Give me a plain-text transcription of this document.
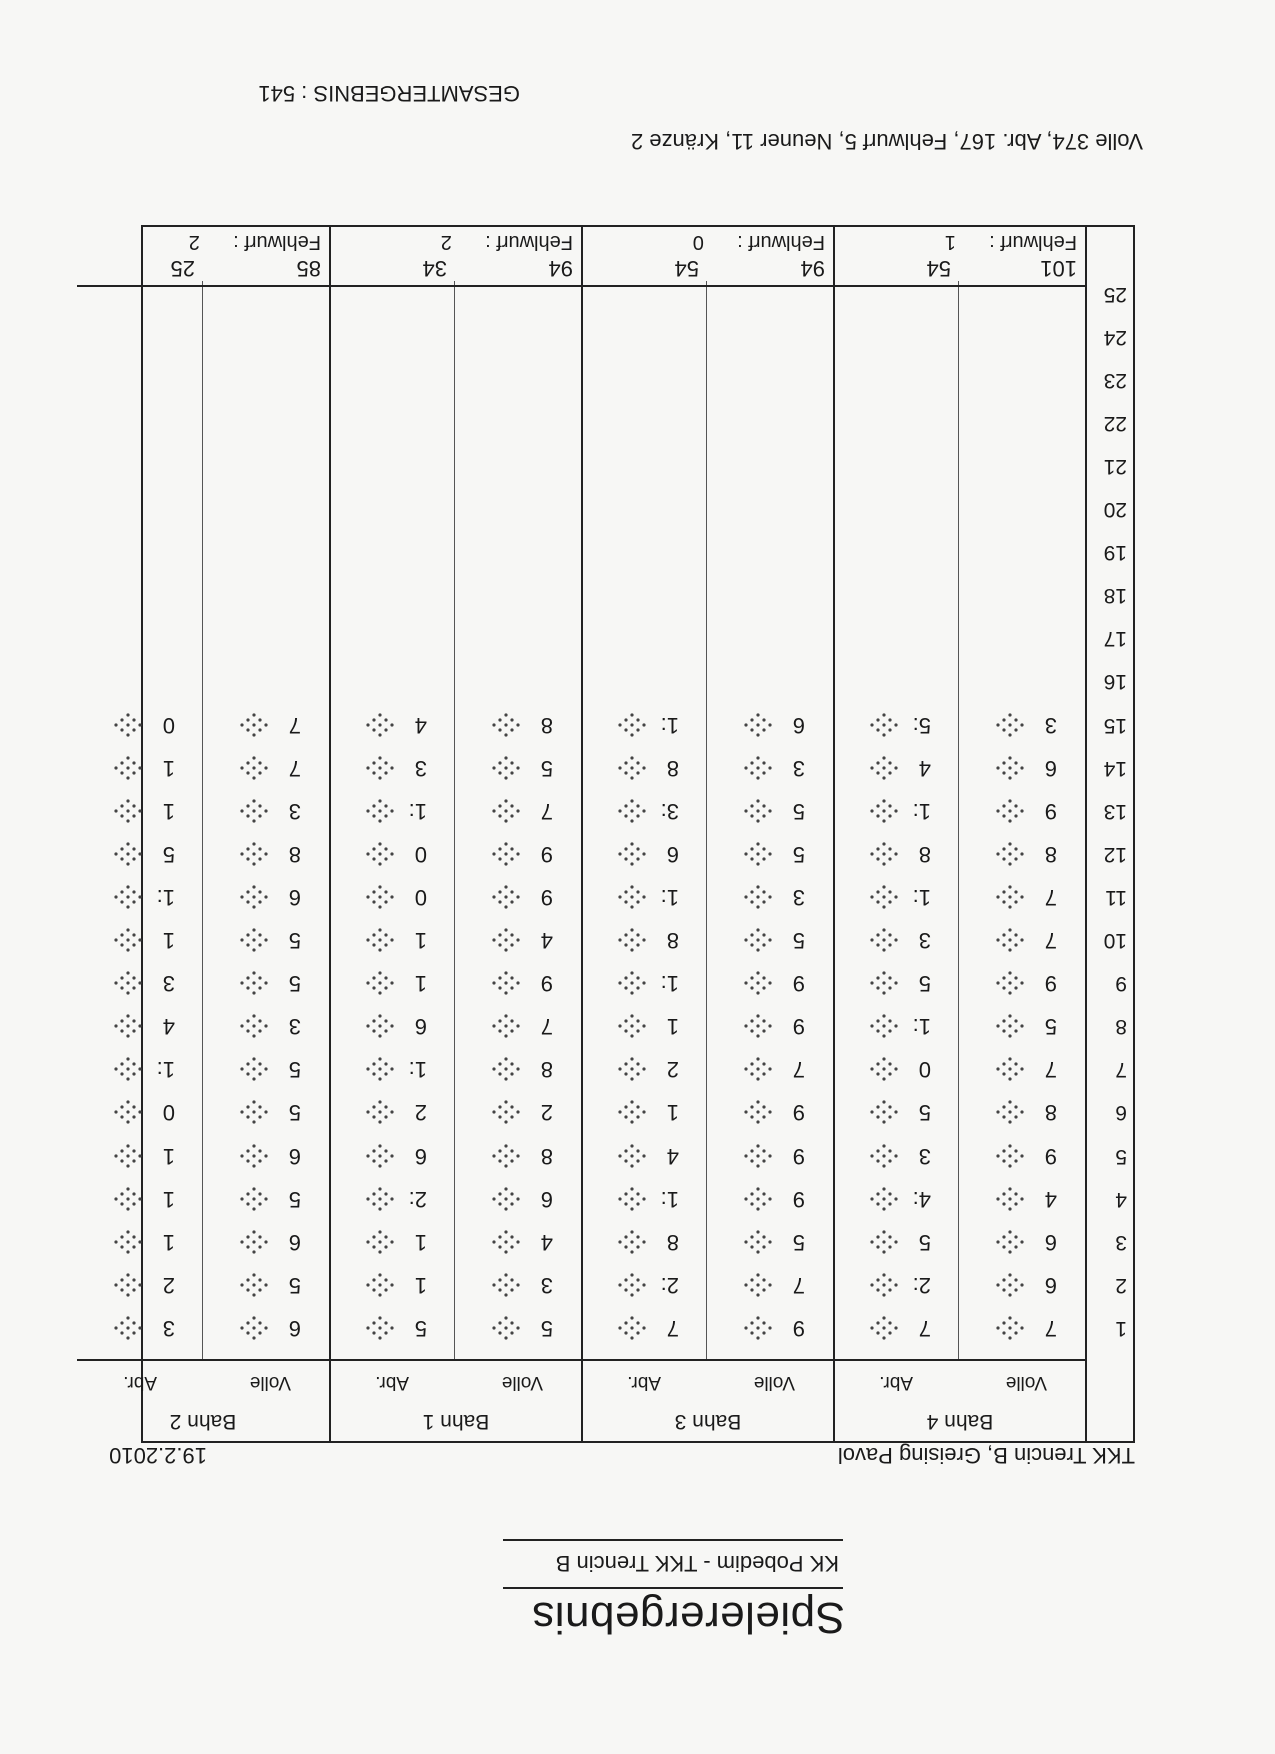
Spielerergebnis
KK Pobedim - TKK Trencin B
TKK Trencin B, Greising Pavol
19.2.2010
1
2
3
4
5
6
7
8
9
10
11
12
13
14
15
16
17
18
19
20
21
22
23
24
25
Bahn 4
Volle
Abr.
7
6
6
4
9
8
7
5
9
7
7
8
9
6
3
7
2:
5
4:
3
5
0
1:
5
3
1:
8
1:
4
5:
101
54
Fehlwurf :      1
Bahn 3
Volle
Abr.
9
7
5
9
9
9
7
9
9
5
3
5
5
3
6
7
2:
8
1:
4
1
2
1
1:
8
1:
6
3:
8
1:
94
54
Fehlwurf :      0
Bahn 1
Volle
Abr.
5
3
4
6
8
2
8
7
9
4
9
9
7
5
8
5
1
1
2:
6
2
1:
6
1
1
0
0
1:
3
4
94
34
Fehlwurf :      2
Bahn 2
Volle
Abr.
6
5
6
5
6
5
5
3
5
5
6
8
3
7
7
3
2
1
1
1
0
1:
4
3
1
1:
5
1
1
0
85
25
Fehlwurf :      2
Volle 374, Abr. 167, Fehlwurf 5, Neuner 11, Kränze 2
GESAMTERGEBNIS : 541
